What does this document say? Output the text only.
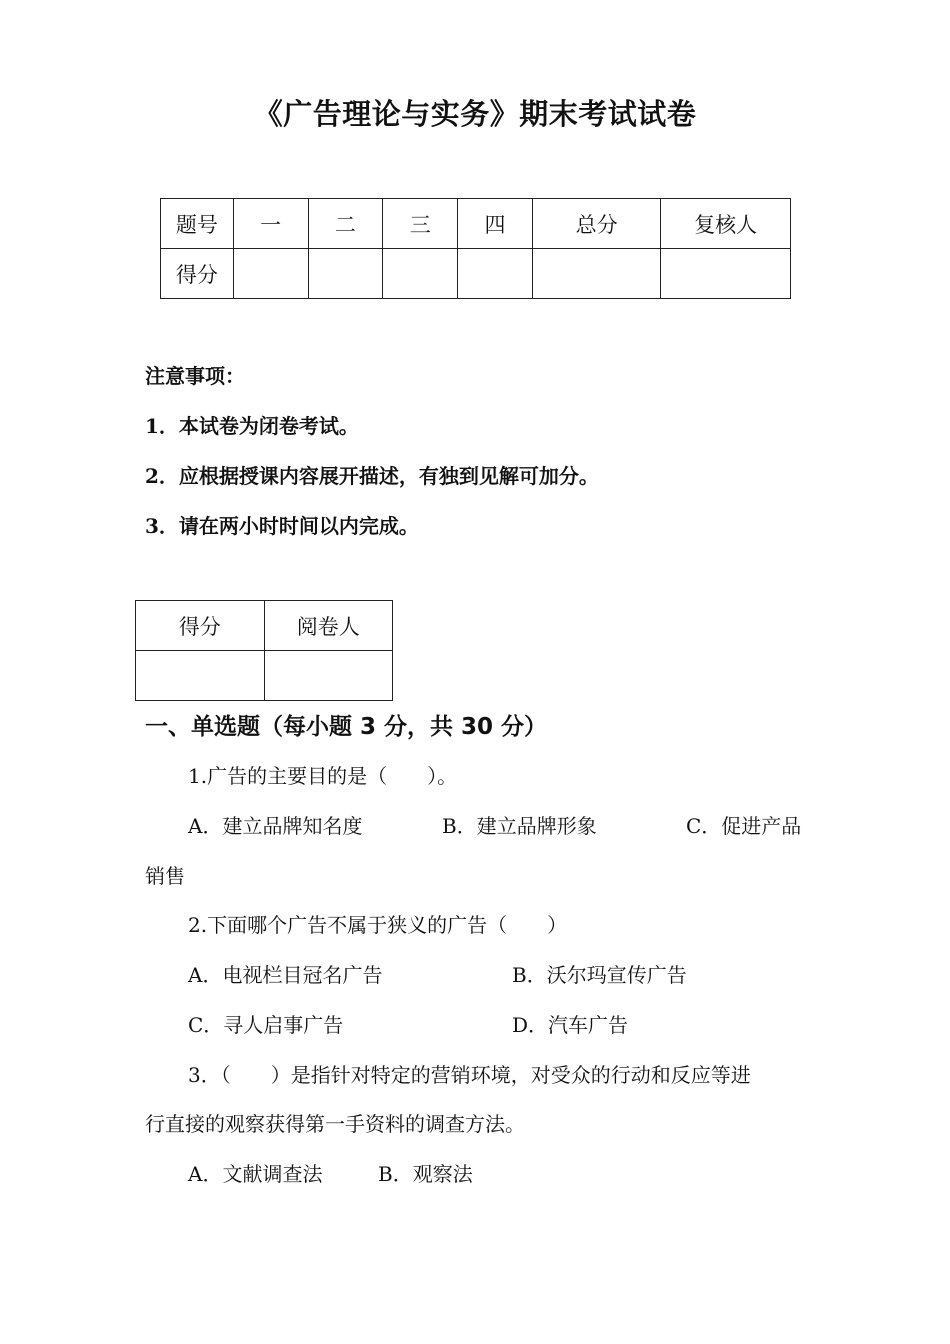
《广告理论与实务》期末考试试卷
题号	一	二	三	四	总分	复核人
得分						
注意事项：
1．本试卷为闭卷考试。
2．应根据授课内容展开描述，有独到见解可加分。
3．请在两小时时间以内完成。
得分	阅卷人

一、单选题（每小题 3 分，共 30 分）
1.广告的主要目的是（　　）。
A．建立品牌知名度	B．建立品牌形象	C．促进产品
销售
2.下面哪个广告不属于狭义的广告（　　）
A．电视栏目冠名广告	B．沃尔玛宣传广告
C．寻人启事广告	D．汽车广告
3．（　　）是指针对特定的营销环境，对受众的行动和反应等进
行直接的观察获得第一手资料的调查方法。
A．文献调查法	B．观察法
